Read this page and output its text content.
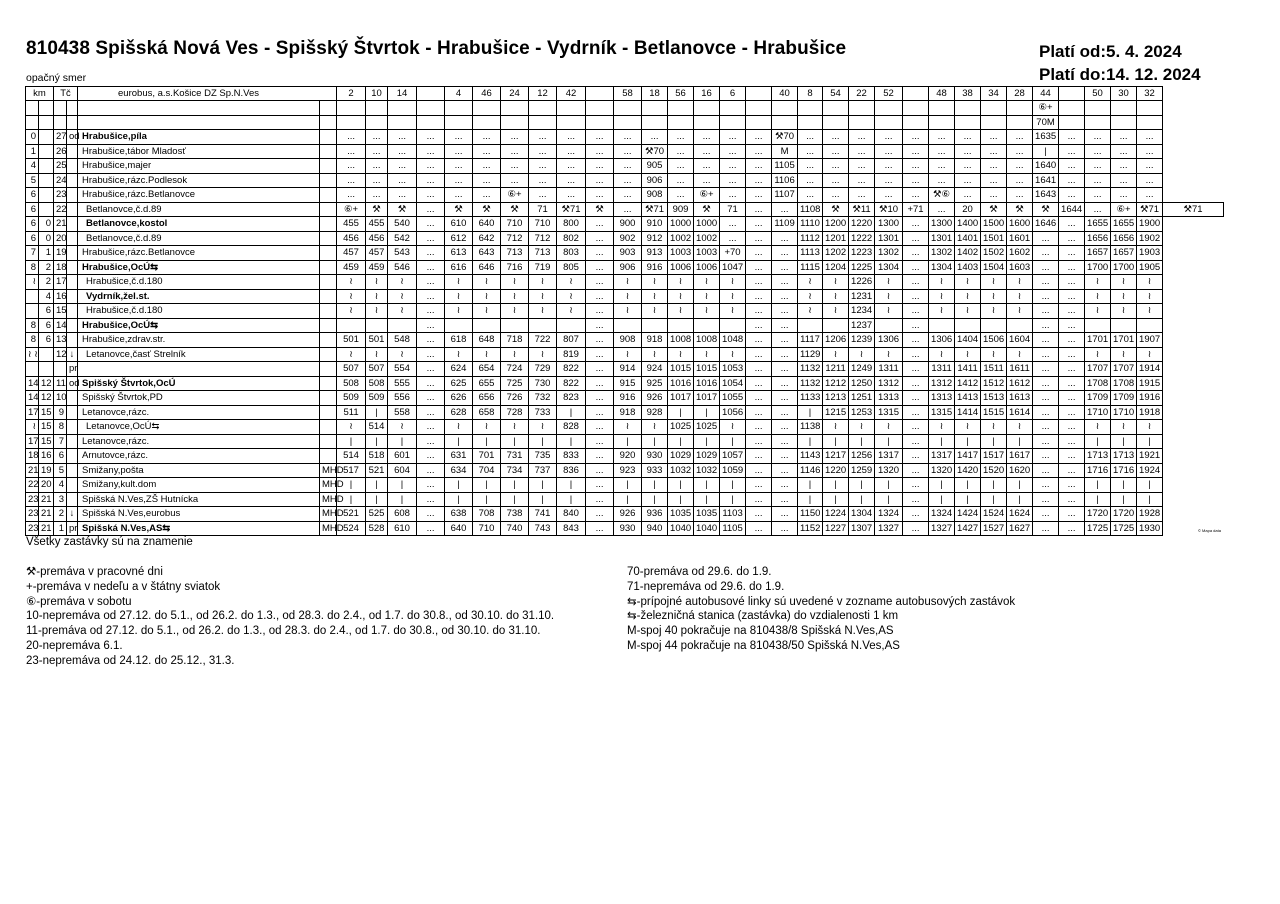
810438 Spišská Nová Ves - Spišský Štvrtok - Hrabušice - Vydrník - Betlanovce - Hrabušice	Platí od:5. 4. 2024
Platí do:14. 12. 2024
opačný smer
km		Tč		eurobus, a.s.Košice DZ Sp.N.Ves		2	10	14		4	46	24	12	42		58	18	56	16	6		40	8	54	22	52		48	38	34	28	44		50	30	32	
																																⑥+					
																																70M					
0		27	od	Hrabušice,píla		...	...	...	...	...	...	...	...	...	...	...	...	...	...	...	...	⚒70	...	...	...	...	...	...	...	...	...	1635	...	...	...	...	
1		26		Hrabušice,tábor Mladosť		...	...	...	...	...	...	...	...	...	...	...	⚒70	...	...	...	...	M	...	...	...	...	...	...	...	...	...	|	...	...	...	...	
4		25		Hrabušice,majer		...	...	...	...	...	...	...	...	...	...	...	905	...	...	...	...	1105	...	...	...	...	...	...	...	...	...	1640	...	...	...	...	
5		24		Hrabušice,rázc.Podlesok		...	...	...	...	...	...	...	...	...	...	...	906	...	...	...	...	1106	...	...	...	...	...	...	...	...	...	1641	...	...	...	...	
6		23		Hrabušice,rázc.Betlanovce		...	...	...	...	...	...	⑥+	...	...	...	...	908	...	⑥+	...	...	1107	...	...	...	...	...	⚒⑥	...	...	...	1643	...	...	...	...	
6		22		Betlanovce,č.d.89		⑥+	⚒	⚒	...	⚒	⚒	⚒	71	⚒71	⚒	...	⚒71	909	⚒	71	...	...	1108	⚒	⚒11	⚒10	+71	...	20	⚒	⚒	⚒	1644	...	⑥+	⚒71	⚒71
6	0	21		Betlanovce,kostol		455	455	540	...	610	640	710	710	800	...	900	910	1000	1000	...	...	1109	1110	1200	1220	1300	...	1300	1400	1500	1600	1646	...	1655	1655	1900	
6	0	20		Betlanovce,č.d.89		456	456	542	...	612	642	712	712	802	...	902	912	1002	1002	...	...	...	1112	1201	1222	1301	...	1301	1401	1501	1601	...	...	1656	1656	1902	
7	1	19		Hrabušice,rázc.Betlanovce		457	457	543	...	613	643	713	713	803	...	903	913	1003	1003	+70	...	...	1113	1202	1223	1302	...	1302	1402	1502	1602	...	...	1657	1657	1903	
8	2	18		Hrabušice,OcÚ⇆		459	459	546	...	616	646	716	719	805	...	906	916	1006	1006	1047	...	...	1115	1204	1225	1304	...	1304	1403	1504	1603	...	...	1700	1700	1905	
≀	2	17		Hrabušice,č.d.180		≀	≀	≀	...	≀	≀	≀	≀	≀	...	≀	≀	≀	≀	≀	...	...	≀	≀	1226	≀	...	≀	≀	≀	≀	...	...	≀	≀	≀	
	4	16		Vydrník,žel.st.		≀	≀	≀	...	≀	≀	≀	≀	≀	...	≀	≀	≀	≀	≀	...	...	≀	≀	1231	≀	...	≀	≀	≀	≀	...	...	≀	≀	≀	
	6	15		Hrabušice,č.d.180		≀	≀	≀	...	≀	≀	≀	≀	≀	...	≀	≀	≀	≀	≀	...	...	≀	≀	1234	≀	...	≀	≀	≀	≀	...	...	≀	≀	≀	
8	6	14		Hrabušice,OcÚ⇆					...						...						...	...			1237		...					...	...				
8	6	13		Hrabušice,zdrav.str.		501	501	548	...	618	648	718	722	807	...	908	918	1008	1008	1048	...	...	1117	1206	1239	1306	...	1306	1404	1506	1604	...	...	1701	1701	1907	
≀ ≀		12	↓	Letanovce,časť Strelník		≀	≀	≀	...	≀	≀	≀	≀	819	...	≀	≀	≀	≀	≀	...	...	1129	≀	≀	≀	...	≀	≀	≀	≀	...	...	≀	≀	≀	
			pr			507	507	554	...	624	654	724	729	822	...	914	924	1015	1015	1053	...	...	1132	1211	1249	1311	...	1311	1411	1511	1611	...	...	1707	1707	1914	
14	12	11	od	Spišský Štvrtok,OcÚ		508	508	555	...	625	655	725	730	822	...	915	925	1016	1016	1054	...	...	1132	1212	1250	1312	...	1312	1412	1512	1612	...	...	1708	1708	1915	
14	12	10		Spišský Štvrtok,PD		509	509	556	...	626	656	726	732	823	...	916	926	1017	1017	1055	...	...	1133	1213	1251	1313	...	1313	1413	1513	1613	...	...	1709	1709	1916	
17	15	9		Letanovce,rázc.		511	|	558	...	628	658	728	733	|	...	918	928	|	|	1056	...	...	|	1215	1253	1315	...	1315	1414	1515	1614	...	...	1710	1710	1918	
≀	15	8		Letanovce,OcÚ⇆		≀	514	≀	...	≀	≀	≀	≀	828	...	≀	≀	1025	1025	≀	...	...	1138	≀	≀	≀	...	≀	≀	≀	≀	...	...	≀	≀	≀	
17	15	7		Letanovce,rázc.		|	|	|	...	|	|	|	|	|	...	|	|	|	|	|	...	...	|	|	|	|	...	|	|	|	|	...	...	|	|	|	
18	16	6		Arnutovce,rázc.		514	518	601	...	631	701	731	735	833	...	920	930	1029	1029	1057	...	...	1143	1217	1256	1317	...	1317	1417	1517	1617	...	...	1713	1713	1921	
21	19	5		Smižany,pošta	MHD	517	521	604	...	634	704	734	737	836	...	923	933	1032	1032	1059	...	...	1146	1220	1259	1320	...	1320	1420	1520	1620	...	...	1716	1716	1924	
22	20	4		Smižany,kult.dom	MHD	|	|	|	...	|	|	|	|	|	...	|	|	|	|	|	...	...	|	|	|	|	...	|	|	|	|	...	...	|	|	|	
23	21	3		Spišská N.Ves,ZŠ Hutnícka	MHD	|	|	|	...	|	|	|	|	|	...	|	|	|	|	|	...	...	|	|	|	|	...	|	|	|	|	...	...	|	|	|	
23	21	2	↓	Spišská N.Ves,eurobus	MHD	521	525	608	...	638	708	738	741	840	...	926	936	1035	1035	1103	...	...	1150	1224	1304	1324	...	1324	1424	1524	1624	...	...	1720	1720	1928	
23	21	1	pr	Spišská N.Ves,AS⇆	MHD	524	528	610	...	640	710	740	743	843	...	930	940	1040	1040	1105	...	...	1152	1227	1307	1327	...	1327	1427	1527	1627	...	...	1725	1725	1930		© Mapa data
Všetky zastávky sú na znamenie
⚒-premáva v pracovné dni
+-premáva v nedeľu a v štátny sviatok
⑥-premáva v sobotu
10-nepremáva od 27.12. do 5.1., od 26.2. do 1.3., od 28.3. do 2.4., od 1.7. do 30.8., od 30.10. do 31.10.
11-premáva od 27.12. do 5.1., od 26.2. do 1.3., od 28.3. do 2.4., od 1.7. do 30.8., od 30.10. do 31.10.
20-nepremáva 6.1.
23-nepremáva od 24.12. do 25.12., 31.3.
70-premáva od 29.6. do 1.9.
71-nepremáva od 29.6. do 1.9.
⇆-prípojné autobusové linky sú uvedené v zozname autobusových zastávok
⇆-železničná stanica (zastávka) do vzdialenosti 1 km
M-spoj 40 pokračuje na 810438/8 Spišská N.Ves,AS
M-spoj 44 pokračuje na 810438/50 Spišská N.Ves,AS
